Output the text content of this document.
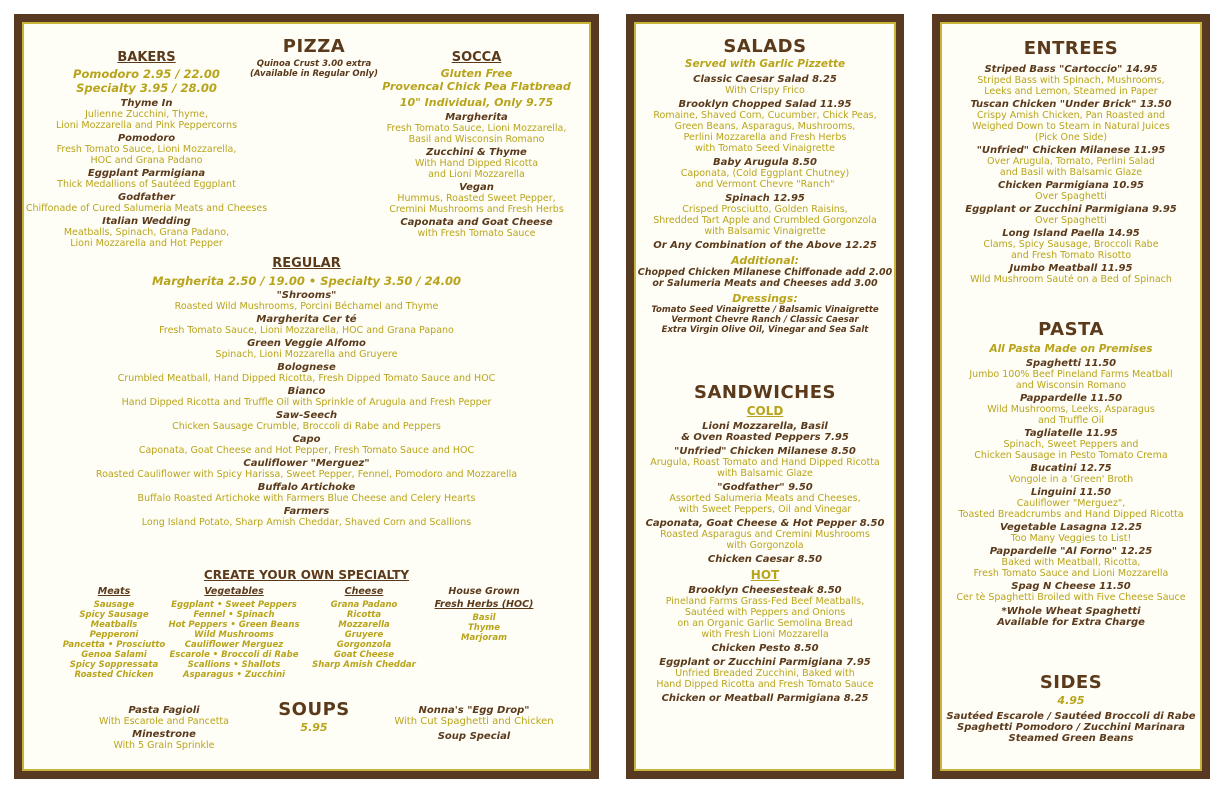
BAKERS
Pomodoro 2.95 / 22.00
Specialty 3.95 / 28.00
Thyme In
Julienne Zucchini, Thyme,
Lioni Mozzarella and Pink Peppercorns
Pomodoro
Fresh Tomato Sauce, Lioni Mozzarella,
HOC and Grana Padano
Eggplant Parmigiana
Thick Medallions of Sautéed Eggplant
Godfather
Chiffonade of Cured Salumeria Meats and Cheeses
Italian Wedding
Meatballs, Spinach, Grana Padano,
Lioni Mozzarella and Hot Pepper
PIZZA
Quinoa Crust 3.00 extra
(Available in Regular Only)
SOCCA
Gluten Free
Provencal Chick Pea Flatbread
10" Individual, Only 9.75
Margherita
Fresh Tomato Sauce, Lioni Mozzarella,
Basil and Wisconsin Romano
Zucchini & Thyme
With Hand Dipped Ricotta
and Lioni Mozzarella
Vegan
Hummus, Roasted Sweet Pepper,
Cremini Mushrooms and Fresh Herbs
Caponata and Goat Cheese
with Fresh Tomato Sauce
REGULAR
Margherita 2.50 / 19.00 • Specialty 3.50 / 24.00
"Shrooms"
Roasted Wild Mushrooms, Porcini Béchamel and Thyme
Margherita Cer té
Fresh Tomato Sauce, Lioni Mozzarella, HOC and Grana Papano
Green Veggie Alfomo
Spinach, Lioni Mozzarella and Gruyere
Bolognese
Crumbled Meatball, Hand Dipped Ricotta, Fresh Dipped Tomato Sauce and HOC
Bianco
Hand Dipped Ricotta and Truffle Oil with Sprinkle of Arugula and Fresh Pepper
Saw-Seech
Chicken Sausage Crumble, Broccoli di Rabe and Peppers
Capo
Caponata, Goat Cheese and Hot Pepper, Fresh Tomato Sauce and HOC
Cauliflower "Merguez"
Roasted Cauliflower with Spicy Harissa, Sweet Pepper, Fennel, Pomodoro and Mozzarella
Buffalo Artichoke
Buffalo Roasted Artichoke with Farmers Blue Cheese and Celery Hearts
Farmers
Long Island Potato, Sharp Amish Cheddar, Shaved Corn and Scallions
CREATE YOUR OWN SPECIALTY
Meats
Sausage
Spicy Sausage
Meatballs
Pepperoni
Pancetta • Prosciutto
Genoa Salami
Spicy Soppressata
Roasted Chicken
Vegetables
Eggplant • Sweet Peppers
Fennel • Spinach
Hot Peppers • Green Beans
Wild Mushrooms
Cauliflower Merguez
Escarole • Broccoli di Rabe
Scallions • Shallots
Asparagus • Zucchini
Cheese
Grana Padano
Ricotta
Mozzarella
Gruyere
Gorgonzola
Goat Cheese
Sharp Amish Cheddar
House Grown
Fresh Herbs (HOC)
Basil
Thyme
Marjoram
Pasta Fagioli
With Escarole and Pancetta
Minestrone
With 5 Grain Sprinkle
SOUPS
5.95
Nonna's "Egg Drop"
With Cut Spaghetti and Chicken
Soup Special
SALADS
Served with Garlic Pizzette
Classic Caesar Salad 8.25
With Crispy Frico
Brooklyn Chopped Salad 11.95
Romaine, Shaved Corn, Cucumber, Chick Peas,
Green Beans, Asparagus, Mushrooms,
Perlini Mozzarella and Fresh Herbs
with Tomato Seed Vinaigrette
Baby Arugula 8.50
Caponata, (Cold Eggplant Chutney)
and Vermont Chevre "Ranch"
Spinach 12.95
Crisped Prosciutto, Golden Raisins,
Shredded Tart Apple and Crumbled Gorgonzola
with Balsamic Vinaigrette
Or Any Combination of the Above 12.25
Additional:
Chopped Chicken Milanese Chiffonade add 2.00
or Salumeria Meats and Cheeses add 3.00
Dressings:
Tomato Seed Vinaigrette / Balsamic Vinaigrette
Vermont Chevre Ranch / Classic Caesar
Extra Virgin Olive Oil, Vinegar and Sea Salt
SANDWICHES
COLD
Lioni Mozzarella, Basil
& Oven Roasted Peppers 7.95
"Unfried" Chicken Milanese 8.50
Arugula, Roast Tomato and Hand Dipped Ricotta
with Balsamic Glaze
"Godfather" 9.50
Assorted Salumeria Meats and Cheeses,
with Sweet Peppers, Oil and Vinegar
Caponata, Goat Cheese & Hot Pepper 8.50
Roasted Asparagus and Cremini Mushrooms
with Gorgonzola
Chicken Caesar 8.50
HOT
Brooklyn Cheesesteak 8.50
Pineland Farms Grass-Fed Beef Meatballs,
Sautéed with Peppers and Onions
on an Organic Garlic Semolina Bread
with Fresh Lioni Mozzarella
Chicken Pesto 8.50
Eggplant or Zucchini Parmigiana 7.95
Unfried Breaded Zucchini, Baked with
Hand Dipped Ricotta and Fresh Tomato Sauce
Chicken or Meatball Parmigiana 8.25
ENTREES
Striped Bass "Cartoccio" 14.95
Striped Bass with Spinach, Mushrooms,
Leeks and Lemon, Steamed in Paper
Tuscan Chicken "Under Brick" 13.50
Crispy Amish Chicken, Pan Roasted and
Weighed Down to Steam in Natural Juices
(Pick One Side)
"Unfried" Chicken Milanese 11.95
Over Arugula, Tomato, Perlini Salad
and Basil with Balsamic Glaze
Chicken Parmigiana 10.95
Over Spaghetti
Eggplant or Zucchini Parmigiana 9.95
Over Spaghetti
Long Island Paella 14.95
Clams, Spicy Sausage, Broccoli Rabe
and Fresh Tomato Risotto
Jumbo Meatball 11.95
Wild Mushroom Sauté on a Bed of Spinach
PASTA
All Pasta Made on Premises
Spaghetti 11.50
Jumbo 100% Beef Pineland Farms Meatball
and Wisconsin Romano
Pappardelle 11.50
Wild Mushrooms, Leeks, Asparagus
and Truffle Oil
Tagliatelle 11.95
Spinach, Sweet Peppers and
Chicken Sausage in Pesto Tomato Crema
Bucatini 12.75
Vongole in a 'Green' Broth
Linguini 11.50
Cauliflower "Merguez",
Toasted Breadcrumbs and Hand Dipped Ricotta
Vegetable Lasagna 12.25
Too Many Veggies to List!
Pappardelle "Al Forno" 12.25
Baked with Meatball, Ricotta,
Fresh Tomato Sauce and Lioni Mozzarella
Spag N Cheese 11.50
Cer tè Spaghetti Broiled with Five Cheese Sauce
*Whole Wheat Spaghetti
Available for Extra Charge
SIDES
4.95
Sautéed Escarole / Sautéed Broccoli di Rabe
Spaghetti Pomodoro / Zucchini Marinara
Steamed Green Beans
